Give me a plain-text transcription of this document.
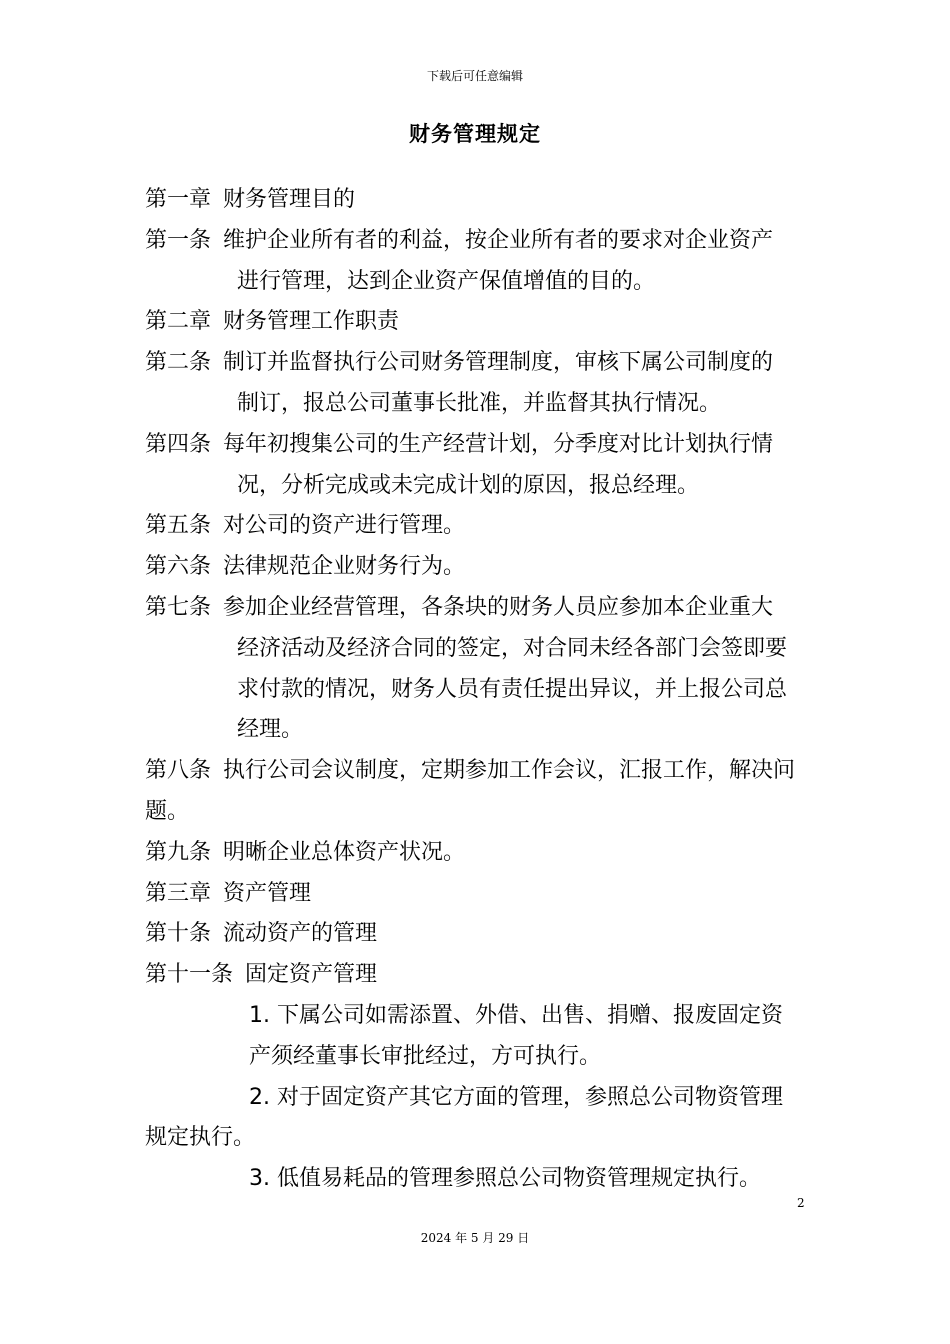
下载后可任意编辑
财务管理规定
第一章 财务管理目的
第一条 维护企业所有者的利益，按企业所有者的要求对企业资产
进行管理，达到企业资产保值增值的目的。
第二章 财务管理工作职责
第二条 制订并监督执行公司财务管理制度，审核下属公司制度的
制订，报总公司董事长批准，并监督其执行情况。
第四条 每年初搜集公司的生产经营计划，分季度对比计划执行情
况，分析完成或未完成计划的原因，报总经理。
第五条 对公司的资产进行管理。
第六条 法律规范企业财务行为。
第七条 参加企业经营管理，各条块的财务人员应参加本企业重大
经济活动及经济合同的签定，对合同未经各部门会签即要
求付款的情况，财务人员有责任提出异议，并上报公司总
经理。
第八条 执行公司会议制度，定期参加工作会议，汇报工作，解决问
题。
第九条 明晰企业总体资产状况。
第三章 资产管理
第十条 流动资产的管理
第十一条 固定资产管理
1. 下属公司如需添置、外借、出售、捐赠、报废固定资
产须经董事长审批经过，方可执行。
2. 对于固定资产其它方面的管理，参照总公司物资管理
规定执行。
3. 低值易耗品的管理参照总公司物资管理规定执行。
2
2024 年 5 月 29 日
